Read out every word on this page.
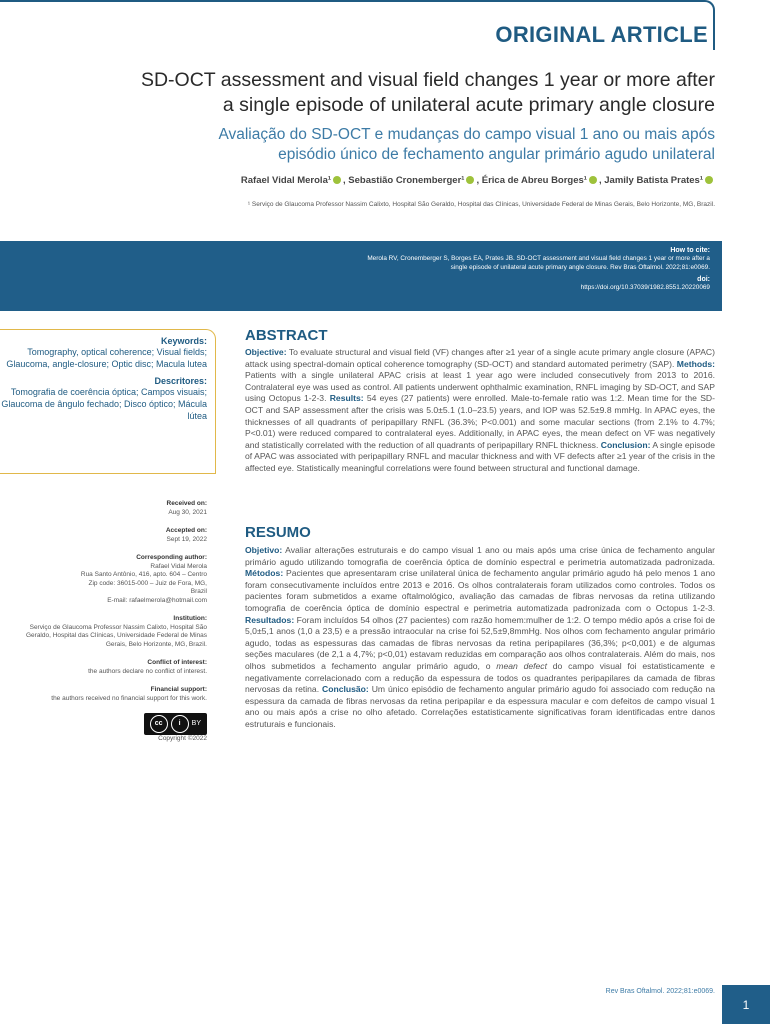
ORIGINAL ARTICLE
SD-OCT assessment and visual field changes 1 year or more after
a single episode of unilateral acute primary angle closure
Avaliação do SD-OCT e mudanças do campo visual 1 ano ou mais após
episódio único de fechamento angular primário agudo unilateral
Rafael Vidal Merola¹ , Sebastião Cronemberger¹ , Érica de Abreu Borges¹ , Jamily Batista Prates¹
¹ Serviço de Glaucoma Professor Nassim Calixto, Hospital São Geraldo, Hospital das Clínicas, Universidade Federal de Minas Gerais, Belo Horizonte, MG, Brazil.
How to cite:
Merola RV, Cronemberger S, Borges EA, Prates JB. SD-OCT assessment and visual field changes 1 year or more after a
single episode of unilateral acute primary angle closure. Rev Bras Oftalmol. 2022;81:e0069.
doi:
https://doi.org/10.37039/1982.8551.20220069
Keywords:
Tomography, optical coherence; Visual fields; Glaucoma, angle-closure; Optic disc; Macula lutea
Descritores:
Tomografia de coerência óptica; Campos visuais; Glaucoma de ângulo fechado; Disco óptico; Mácula lútea
Received on:
Aug 30, 2021
Accepted on:
Sept 19, 2022
Corresponding author:
Rafael Vidal Merola
Rua Santo Antônio, 416, apto. 604 – Centro
Zip code: 36015-000 – Juiz de Fora, MG,
Brazil
E-mail: rafaelmerola@hotmail.com
Institution:
Serviço de Glaucoma Professor Nassim Calixto, Hospital São Geraldo, Hospital das Clínicas, Universidade Federal de Minas Gerais, Belo Horizonte, MG, Brazil.
Conflict of interest:
the authors declare no conflict of interest.
Financial support:
the authors received no financial support for this work.
cc	i	BY
Copyright ©2022
ABSTRACT
Objective: To evaluate structural and visual field (VF) changes after ≥1 year of a single acute primary angle closure (APAC) attack using spectral-domain optical coherence tomography (SD-OCT) and standard automated perimetry (SAP). Methods: Patients with a single unilateral APAC crisis at least 1 year ago were included consecutively from 2013 to 2016. Contralateral eye was used as control. All patients underwent ophthalmic examination, RNFL imaging by SD-OCT, and SAP using Octopus 1-2-3. Results: 54 eyes (27 patients) were enrolled. Male-to-female ratio was 1:2. Mean time for the SD-OCT and SAP assessment after the crisis was 5.0±5.1 (1.0–23.5) years, and IOP was 52.5±9.8 mmHg. In APAC eyes, the thicknesses of all quadrants of peripapillary RNFL (36.3%; P<0.001) and some macular sections (from 2.1% to 4.7%; P<0.01) were reduced compared to contralateral eyes. Additionally, in APAC eyes, the mean defect on VF was negatively and statistically correlated with the reduction of all quadrants of peripapillary RNFL thickness. Conclusion: A single episode of APAC was associated with peripapillary RNFL and macular thickness and with VF defects after ≥1 year of the crisis in the affected eye. Statistically meaningful correlations were found between structural and functional damage.
RESUMO
Objetivo: Avaliar alterações estruturais e do campo visual 1 ano ou mais após uma crise única de fechamento angular primário agudo utilizando tomografia de coerência óptica de domínio espectral e perimetria automatizada padronizada. Métodos: Pacientes que apresentaram crise unilateral única de fechamento angular primário agudo há pelo menos 1 ano foram consecutivamente incluídos entre 2013 e 2016. Os olhos contralaterais foram utilizados como controles. Todos os pacientes foram submetidos a exame oftalmológico, avaliação das camadas de fibras nervosas da retina utilizando tomografia de coerência óptica de domínio espectral e perimetria automatizada padronizada com o Octopus 1-2-3. Resultados: Foram incluídos 54 olhos (27 pacientes) com razão homem:mulher de 1:2. O tempo médio após a crise foi de 5,0±5,1 anos (1,0 a 23,5) e a pressão intraocular na crise foi 52,5±9,8mmHg. Nos olhos com fechamento angular primário agudo, todas as espessuras das camadas de fibras nervosas da retina peripapilares (36,3%; p<0,001) e de algumas seções maculares (de 2,1 a 4,7%; p<0,01) estavam reduzidas em comparação aos olhos contralaterais. Além do mais, nos olhos submetidos a fechamento angular primário agudo, o mean defect do campo visual foi estatisticamente e negativamente correlacionado com a redução da espessura de todos os quadrantes peripapilares da camada de fibras nervosas da retina. Conclusão: Um único episódio de fechamento angular primário agudo foi associado com redução na espessura da camada de fibras nervosas da retina peripapilar e da espessura macular e com defeitos de campo visual 1 ano ou mais após a crise no olho afetado. Correlações estatisticamente significativas foram identificadas entre danos estruturais e funcionais.
Rev Bras Oftalmol. 2022;81:e0069.
1
